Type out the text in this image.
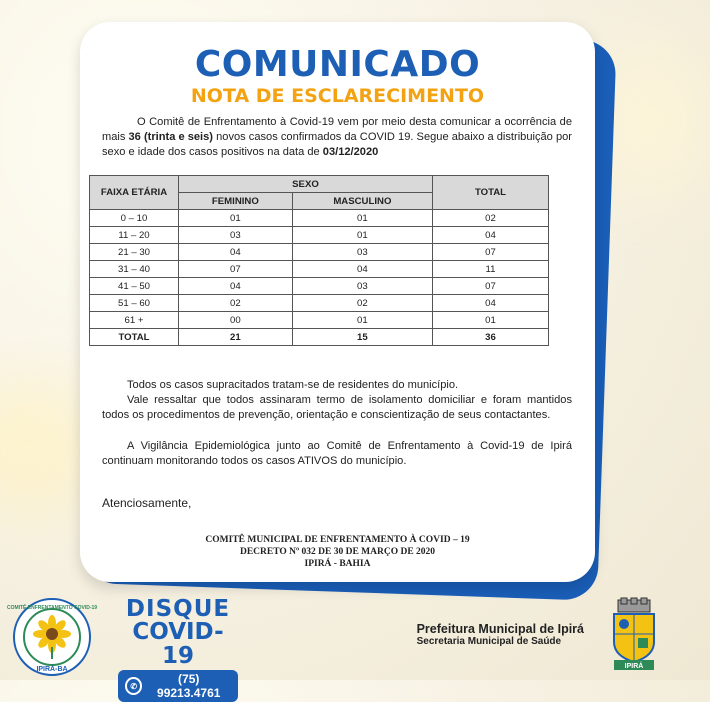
COMUNICADO
NOTA DE ESCLARECIMENTO
O Comitê de Enfrentamento à Covid-19 vem por meio desta comunicar a ocorrência de mais 36 (trinta e seis) novos casos confirmados da COVID 19. Segue abaixo a distribuição por sexo e idade dos casos positivos na data de 03/12/2020
FAIXA ETÁRIA	SEXO		TOTAL
	FEMININO	MASCULINO	
0 – 10	01	01	02
11 – 20	03	01	04
21 – 30	04	03	07
31 – 40	07	04	11
41 – 50	04	03	07
51 – 60	02	02	04
61 +	00	01	01
TOTAL	21	15	36
Todos os casos supracitados tratam-se de residentes do município.
Vale ressaltar que todos assinaram termo de isolamento domiciliar e foram mantidos todos os procedimentos de prevenção, orientação e conscientização de seus contactantes.
A Vigilância Epidemiológica junto ao Comitê de Enfrentamento à Covid-19 de Ipirá continuam monitorando todos os casos ATIVOS do município.
Atenciosamente,
COMITÊ MUNICIPAL DE ENFRENTAMENTO À COVID – 19
DECRETO Nº 032 DE 30 DE MARÇO DE 2020
IPIRÁ - BAHIA
IPIRÁ-BA
COMITÊ ENFRENTAMENTO COVID-19	DISQUE
COVID-19
✆	(75) 99213.4761
Prefeitura Municipal de Ipirá
Secretaria Municipal de Saúde
IPIRÁ
